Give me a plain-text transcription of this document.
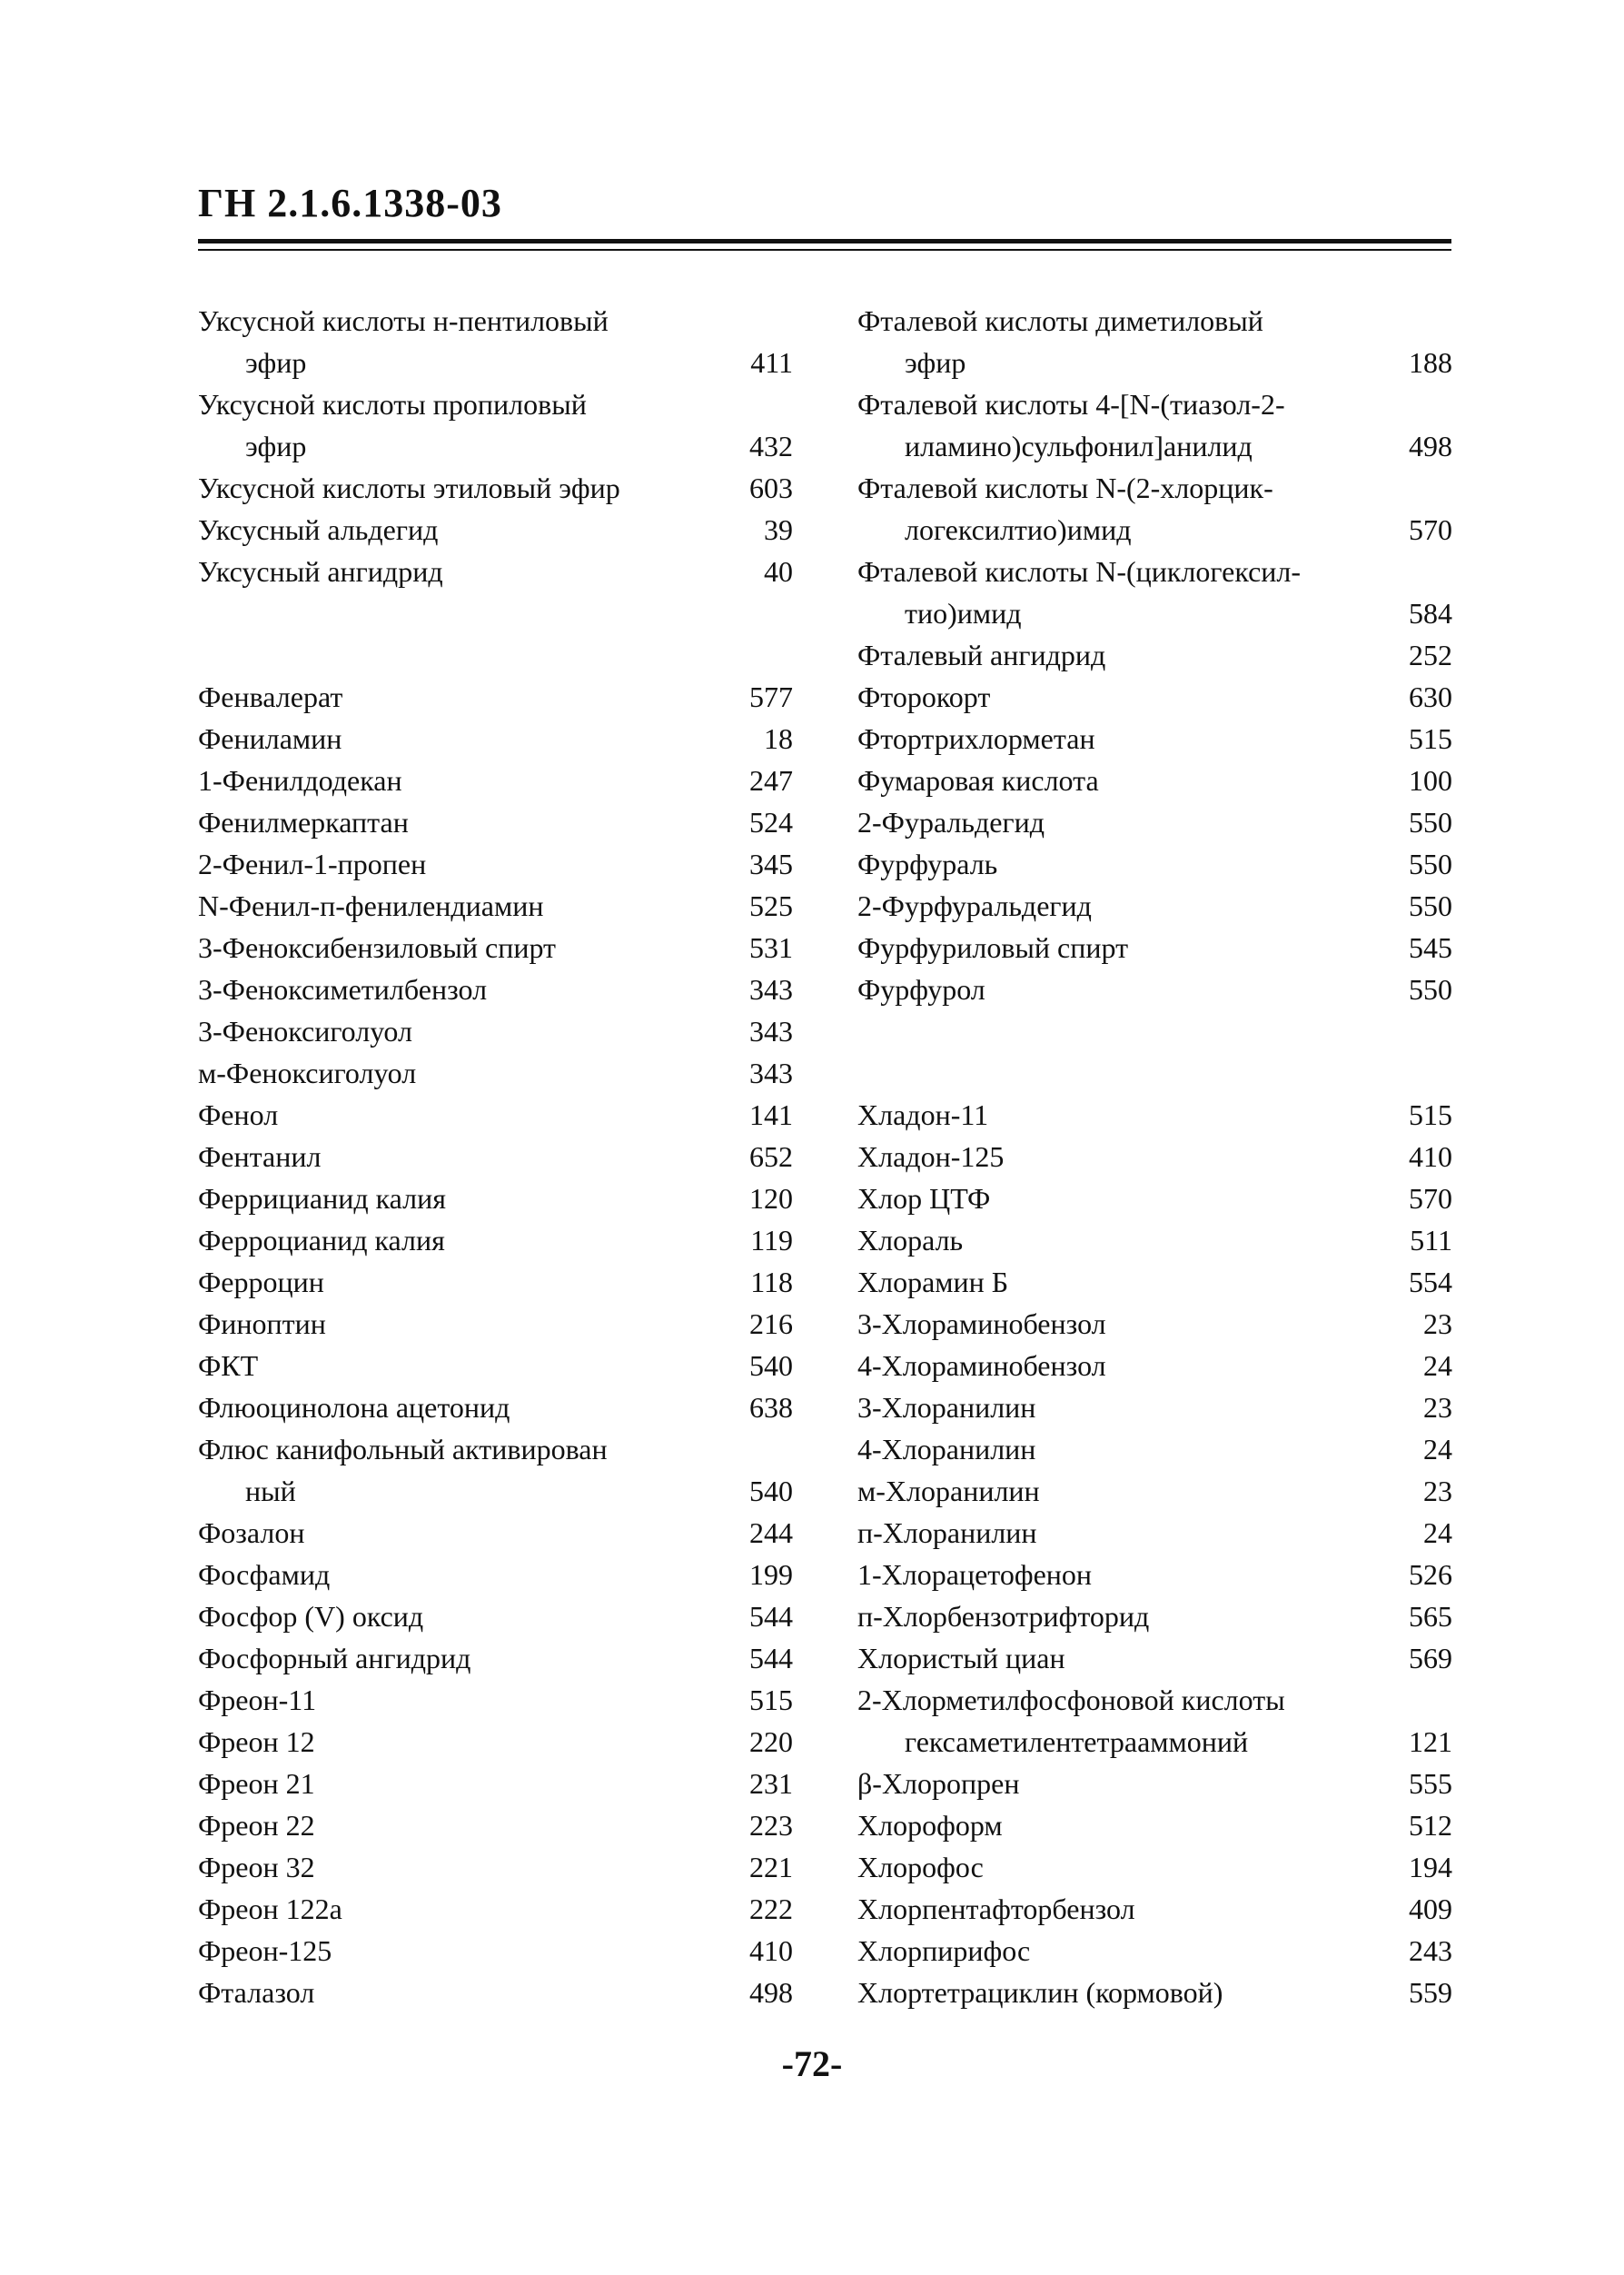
ГН 2.1.6.1338-03
Уксусной кислоты н-пентиловый
эфир	411
Уксусной кислоты пропиловый
эфир	432
Уксусной кислоты этиловый эфир	603
Уксусный альдегид	39
Уксусный ангидрид	40
Фенвалерат	577
Фениламин	18
1-Фенилдодекан	247
Фенилмеркаптан	524
2-Фенил-1-пропен	345
N-Фенил-п-фенилендиамин	525
3-Феноксибензиловый спирт	531
3-Феноксиметилбензол	343
3-Феноксиголуол	343
м-Феноксиголуол	343
Фенол	141
Фентанил	652
Феррицианид калия	120
Ферроцианид калия	119
Ферроцин	118
Финоптин	216
ФКТ	540
Флюоцинолона ацетонид	638
Флюс канифольный активирован
ный	540
Фозалон	244
Фосфамид	199
Фосфор (V) оксид	544
Фосфорный ангидрид	544
Фреон-11	515
Фреон 12	220
Фреон 21	231
Фреон 22	223
Фреон 32	221
Фреон 122а	222
Фреон-125	410
Фталазол	498
Фталевой кислоты диметиловый
эфир	188
Фталевой кислоты 4-[N-(тиазол-2-
иламино)сульфонил]анилид	498
Фталевой кислоты N-(2-хлорцик-
логексилтио)имид	570
Фталевой кислоты N-(циклогексил-
тио)имид	584
Фталевый ангидрид	252
Фторокорт	630
Фтортрихлорметан	515
Фумаровая кислота	100
2-Фуральдегид	550
Фурфураль	550
2-Фурфуральдегид	550
Фурфуриловый спирт	545
Фурфурол	550
Хладон-11	515
Хладон-125	410
Хлор ЦТФ	570
Хлораль	511
Хлорамин Б	554
3-Хлораминобензол	23
4-Хлораминобензол	24
3-Хлоранилин	23
4-Хлоранилин	24
м-Хлоранилин	23
п-Хлоранилин	24
1-Хлорацетофенон	526
п-Хлорбензотрифторид	565
Хлористый циан	569
2-Хлорметилфосфоновой кислоты
гексаметилентетрааммоний	121
β-Хлоропрен	555
Хлороформ	512
Хлорофос	194
Хлорпентафторбензол	409
Хлорпирифос	243
Хлортетрациклин (кормовой)	559
-72-
